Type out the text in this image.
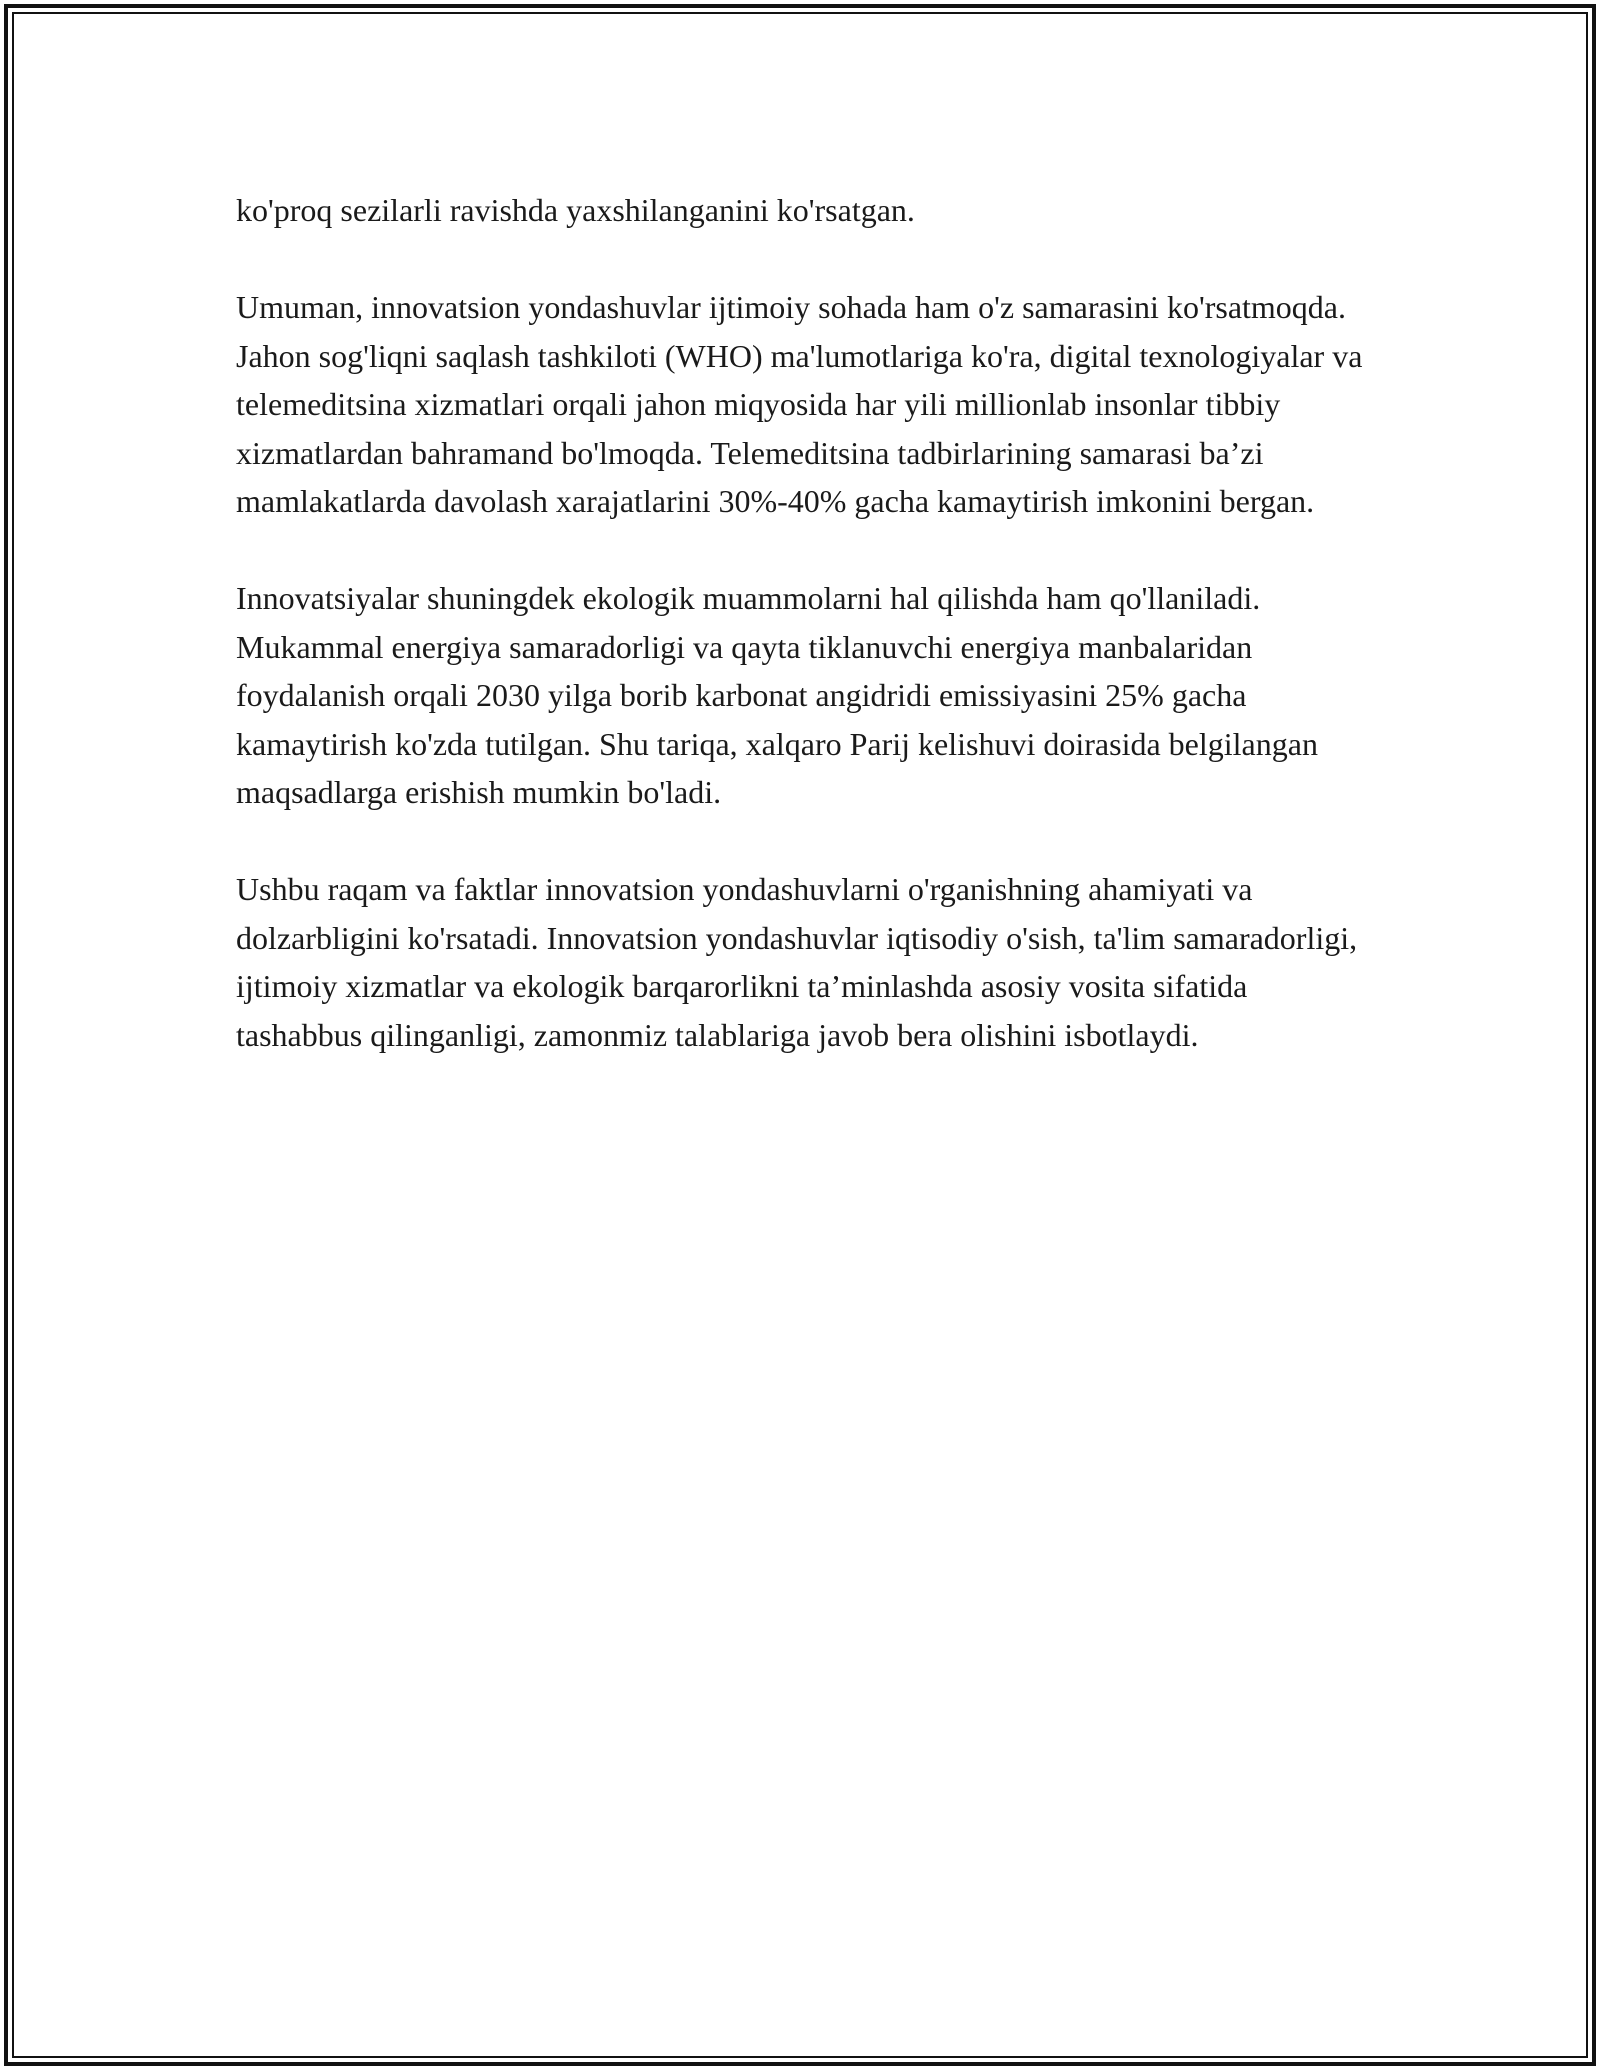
ko'proq sezilarli ravishda yaxshilanganini ko'rsatgan.

Umuman, innovatsion yondashuvlar ijtimoiy sohada ham o'z samarasini ko'rsatmoqda. Jahon sog'liqni saqlash tashkiloti (WHO) ma'lumotlariga ko'ra, digital texnologiyalar va telemeditsina xizmatlari orqali jahon miqyosida har yili millionlab insonlar tibbiy xizmatlardan bahramand bo'lmoqda. Telemeditsina tadbirlarining samarasi ba’zi mamlakatlarda davolash xarajatlarini 30%-40% gacha kamaytirish imkonini bergan.

Innovatsiyalar shuningdek ekologik muammolarni hal qilishda ham qo'llaniladi. Mukammal energiya samaradorligi va qayta tiklanuvchi energiya manbalaridan foydalanish orqali 2030 yilga borib karbonat angidridi emissiyasini 25% gacha kamaytirish ko'zda tutilgan. Shu tariqa, xalqaro Parij kelishuvi doirasida belgilangan maqsadlarga erishish mumkin bo'ladi.

Ushbu raqam va faktlar innovatsion yondashuvlarni o'rganishning ahamiyati va dolzarbligini ko'rsatadi. Innovatsion yondashuvlar iqtisodiy o'sish, ta'lim samaradorligi, ijtimoiy xizmatlar va ekologik barqarorlikni ta’minlashda asosiy vosita sifatida tashabbus qilinganligi, zamonmiz talablariga javob bera olishini isbotlaydi.
